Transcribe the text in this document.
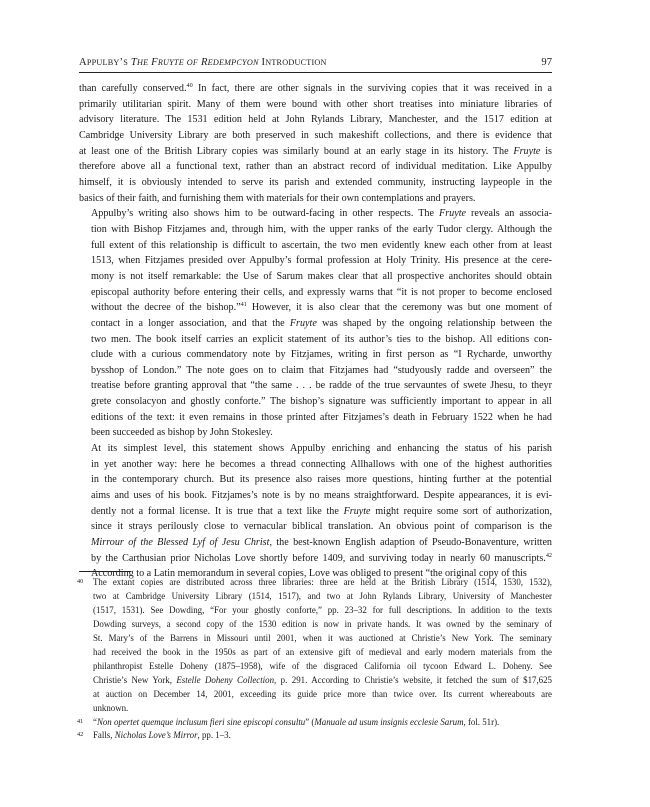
APPULBY’S THE FRUYTE OF REDEMPCYON INTRODUCTION	97

than carefully conserved.$^{40}$ In fact, there are other signals in the surviving copies that it was received in a
primarily utilitarian spirit. Many of them were bound with other short treatises into miniature libraries of
advisory literature. The 1531 edition held at John Rylands Library, Manchester, and the 1517 edition at
Cambridge University Library are both preserved in such makeshift collections, and there is evidence that
at least one of the British Library copies was similarly bound at an early stage in its history. The Fruyte is
therefore above all a functional text, rather than an abstract record of individual meditation. Like Appulby
himself, it is obviously intended to serve its parish and extended community, instructing laypeople in the
basics of their faith, and furnishing them with materials for their own contemplations and prayers.

Appulby’s writing also shows him to be outward-facing in other respects. The Fruyte reveals an associa-
tion with Bishop Fitzjames and, through him, with the upper ranks of the early Tudor clergy. Although the
full extent of this relationship is difficult to ascertain, the two men evidently knew each other from at least
1513, when Fitzjames presided over Appulby’s formal profession at Holy Trinity. His presence at the cere-
mony is not itself remarkable: the Use of Sarum makes clear that all prospective anchorites should obtain
episcopal authority before entering their cells, and expressly warns that “it is not proper to become enclosed
without the decree of the bishop.”$^{41}$ However, it is also clear that the ceremony was but one moment of
contact in a longer association, and that the Fruyte was shaped by the ongoing relationship between the
two men. The book itself carries an explicit statement of its author’s ties to the bishop. All editions con-
clude with a curious commendatory note by Fitzjames, writing in first person as “I Rycharde, unworthy
bysshop of London.” The note goes on to claim that Fitzjames had “studyously radde and overseen” the
treatise before granting approval that “the same . . . be radde of the true servauntes of swete Jhesu, to theyr
grete consolacyon and ghostly conforte.” The bishop’s signature was sufficiently important to appear in all
editions of the text: it even remains in those printed after Fitzjames’s death in February 1522 when he had
been succeeded as bishop by John Stokesley.

At its simplest level, this statement shows Appulby enriching and enhancing the status of his parish
in yet another way: here he becomes a thread connecting Allhallows with one of the highest authorities
in the contemporary church. But its presence also raises more questions, hinting further at the potential
aims and uses of his book. Fitzjames’s note is by no means straightforward. Despite appearances, it is evi-
dently not a formal license. It is true that a text like the Fruyte might require some sort of authorization,
since it strays perilously close to vernacular biblical translation. An obvious point of comparison is the
Mirrour of the Blessed Lyf of Jesu Christ, the best-known English adaption of Pseudo-Bonaventure, written
by the Carthusian prior Nicholas Love shortly before 1409, and surviving today in nearly 60 manuscripts.$^{42}$
According to a Latin memorandum in several copies, Love was obliged to present “the original copy of this

40 The extant copies are distributed across three libraries: three are held at the British Library (1514, 1530, 1532),
two at Cambridge University Library (1514, 1517), and two at John Rylands Library, University of Manchester
(1517, 1531). See Dowding, “For your ghostly conforte,” pp. 23–32 for full descriptions. In addition to the texts
Dowding surveys, a second copy of the 1530 edition is now in private hands. It was owned by the seminary of
St. Mary’s of the Barrens in Missouri until 2001, when it was auctioned at Christie’s New York. The seminary
had received the book in the 1950s as part of an extensive gift of medieval and early modern materials from the
philanthropist Estelle Doheny (1875–1958), wife of the disgraced California oil tycoon Edward L. Doheny. See
Christie’s New York, Estelle Doheny Collection, p. 291. According to Christie’s website, it fetched the sum of $17,625
at auction on December 14, 2001, exceeding its guide price more than twice over. Its current whereabouts are
unknown.
41 “Non opertet quemque inclusum fieri sine episcopi consultu” (Manuale ad usum insignis ecclesie Sarum, fol. 51r).
42 Falls, Nicholas Love’s Mirror, pp. 1–3.
